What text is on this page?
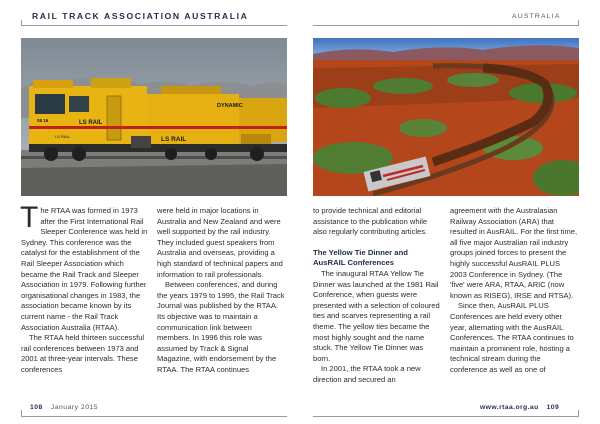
RAIL TRACK ASSOCIATION AUSTRALIA	AUSTRALIA
LS RAIL
DYNAMIC
LS RAIL
08 16
LS RAIL

The RTAA was formed in 1973 after the First International Rail Sleeper Conference was held in Sydney. This conference was the catalyst for the establishment of the Rail Sleeper Association which became the Rail Track and Sleeper Association in 1979. Following further organisational changes in 1983, the association became known by its current name - the Rail Track Association Australia (RTAA).

The RTAA held thirteen successful rail conferences between 1973 and 2001 at three-year intervals. These conferences

were held in major locations in Australia and New Zealand and were well supported by the rail industry. They included guest speakers from Australia and overseas, providing a high standard of technical papers and information to rail professionals.

Between conferences, and during the years 1979 to 1995, the Rail Track Journal was published by the RTAA. Its objective was to maintain a communication link between members. In 1996 this role was assumed by Track & Signal Magazine, with endorsement by the RTAA. The RTAA continues

to provide technical and editorial assistance to the publication while also regularly contributing articles.

The Yellow Tie Dinner and AusRAIL Conferences

The inaugural RTAA Yellow Tie Dinner was launched at the 1981 Rail Conference, when guests were presented with a selection of coloured ties and scarves representing a rail theme. The yellow ties became the most highly sought and the name stuck. The Yellow Tie Dinner was born.

In 2001, the RTAA took a new direction and secured an

agreement with the Australasian Railway Association (ARA) that resulted in AusRAIL. For the first time, all five major Australian rail industry groups joined forces to present the highly successful AusRAIL PLUS 2003 Conference in Sydney. (The 'five' were ARA, RTAA, ARIC (now known as RISEG), IRSE and RTSA).

Since then, AusRAIL PLUS Conferences are held every other year, alternating with the AusRAIL Conferences. The RTAA continues to maintain a prominent role, hosting a technical stream during the conference as well as one of

108 January 2015	www.rtaa.org.au 109
